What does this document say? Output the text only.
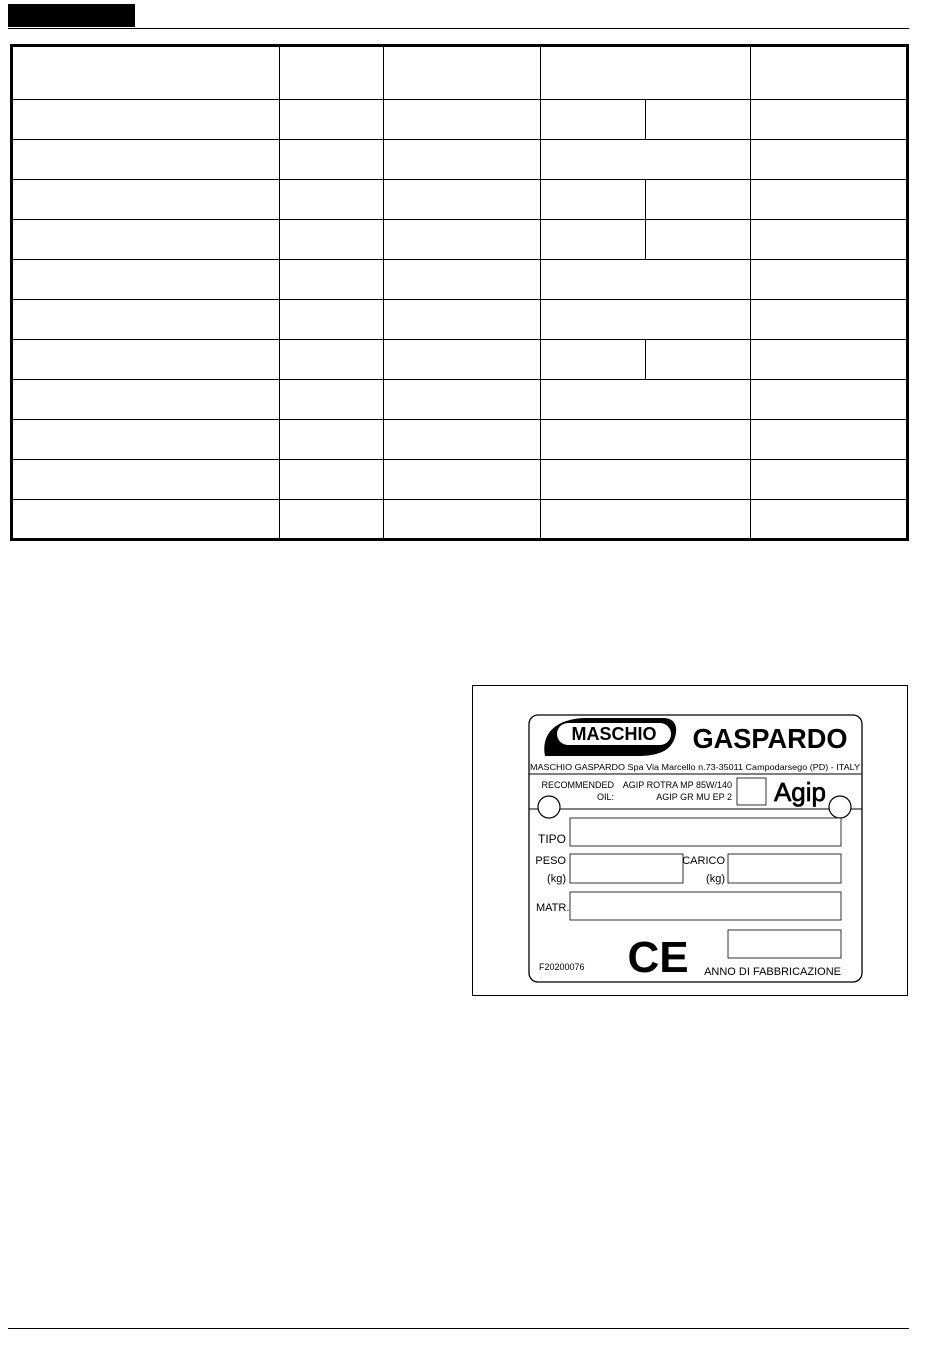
MASCHIO GASPARDO
MASCHIO GASPARDO Spa Via Marcello n.73-35011 Campodarsego (PD) - ITALY
RECOMMENDED
OIL:
AGIP ROTRA MP 85W/140
AGIP GR MU EP 2 Agip
TIPO
PESO
(kg)
CARICO
(kg)
MATR.
CE
F20200076	ANNO DI FABBRICAZIONE
